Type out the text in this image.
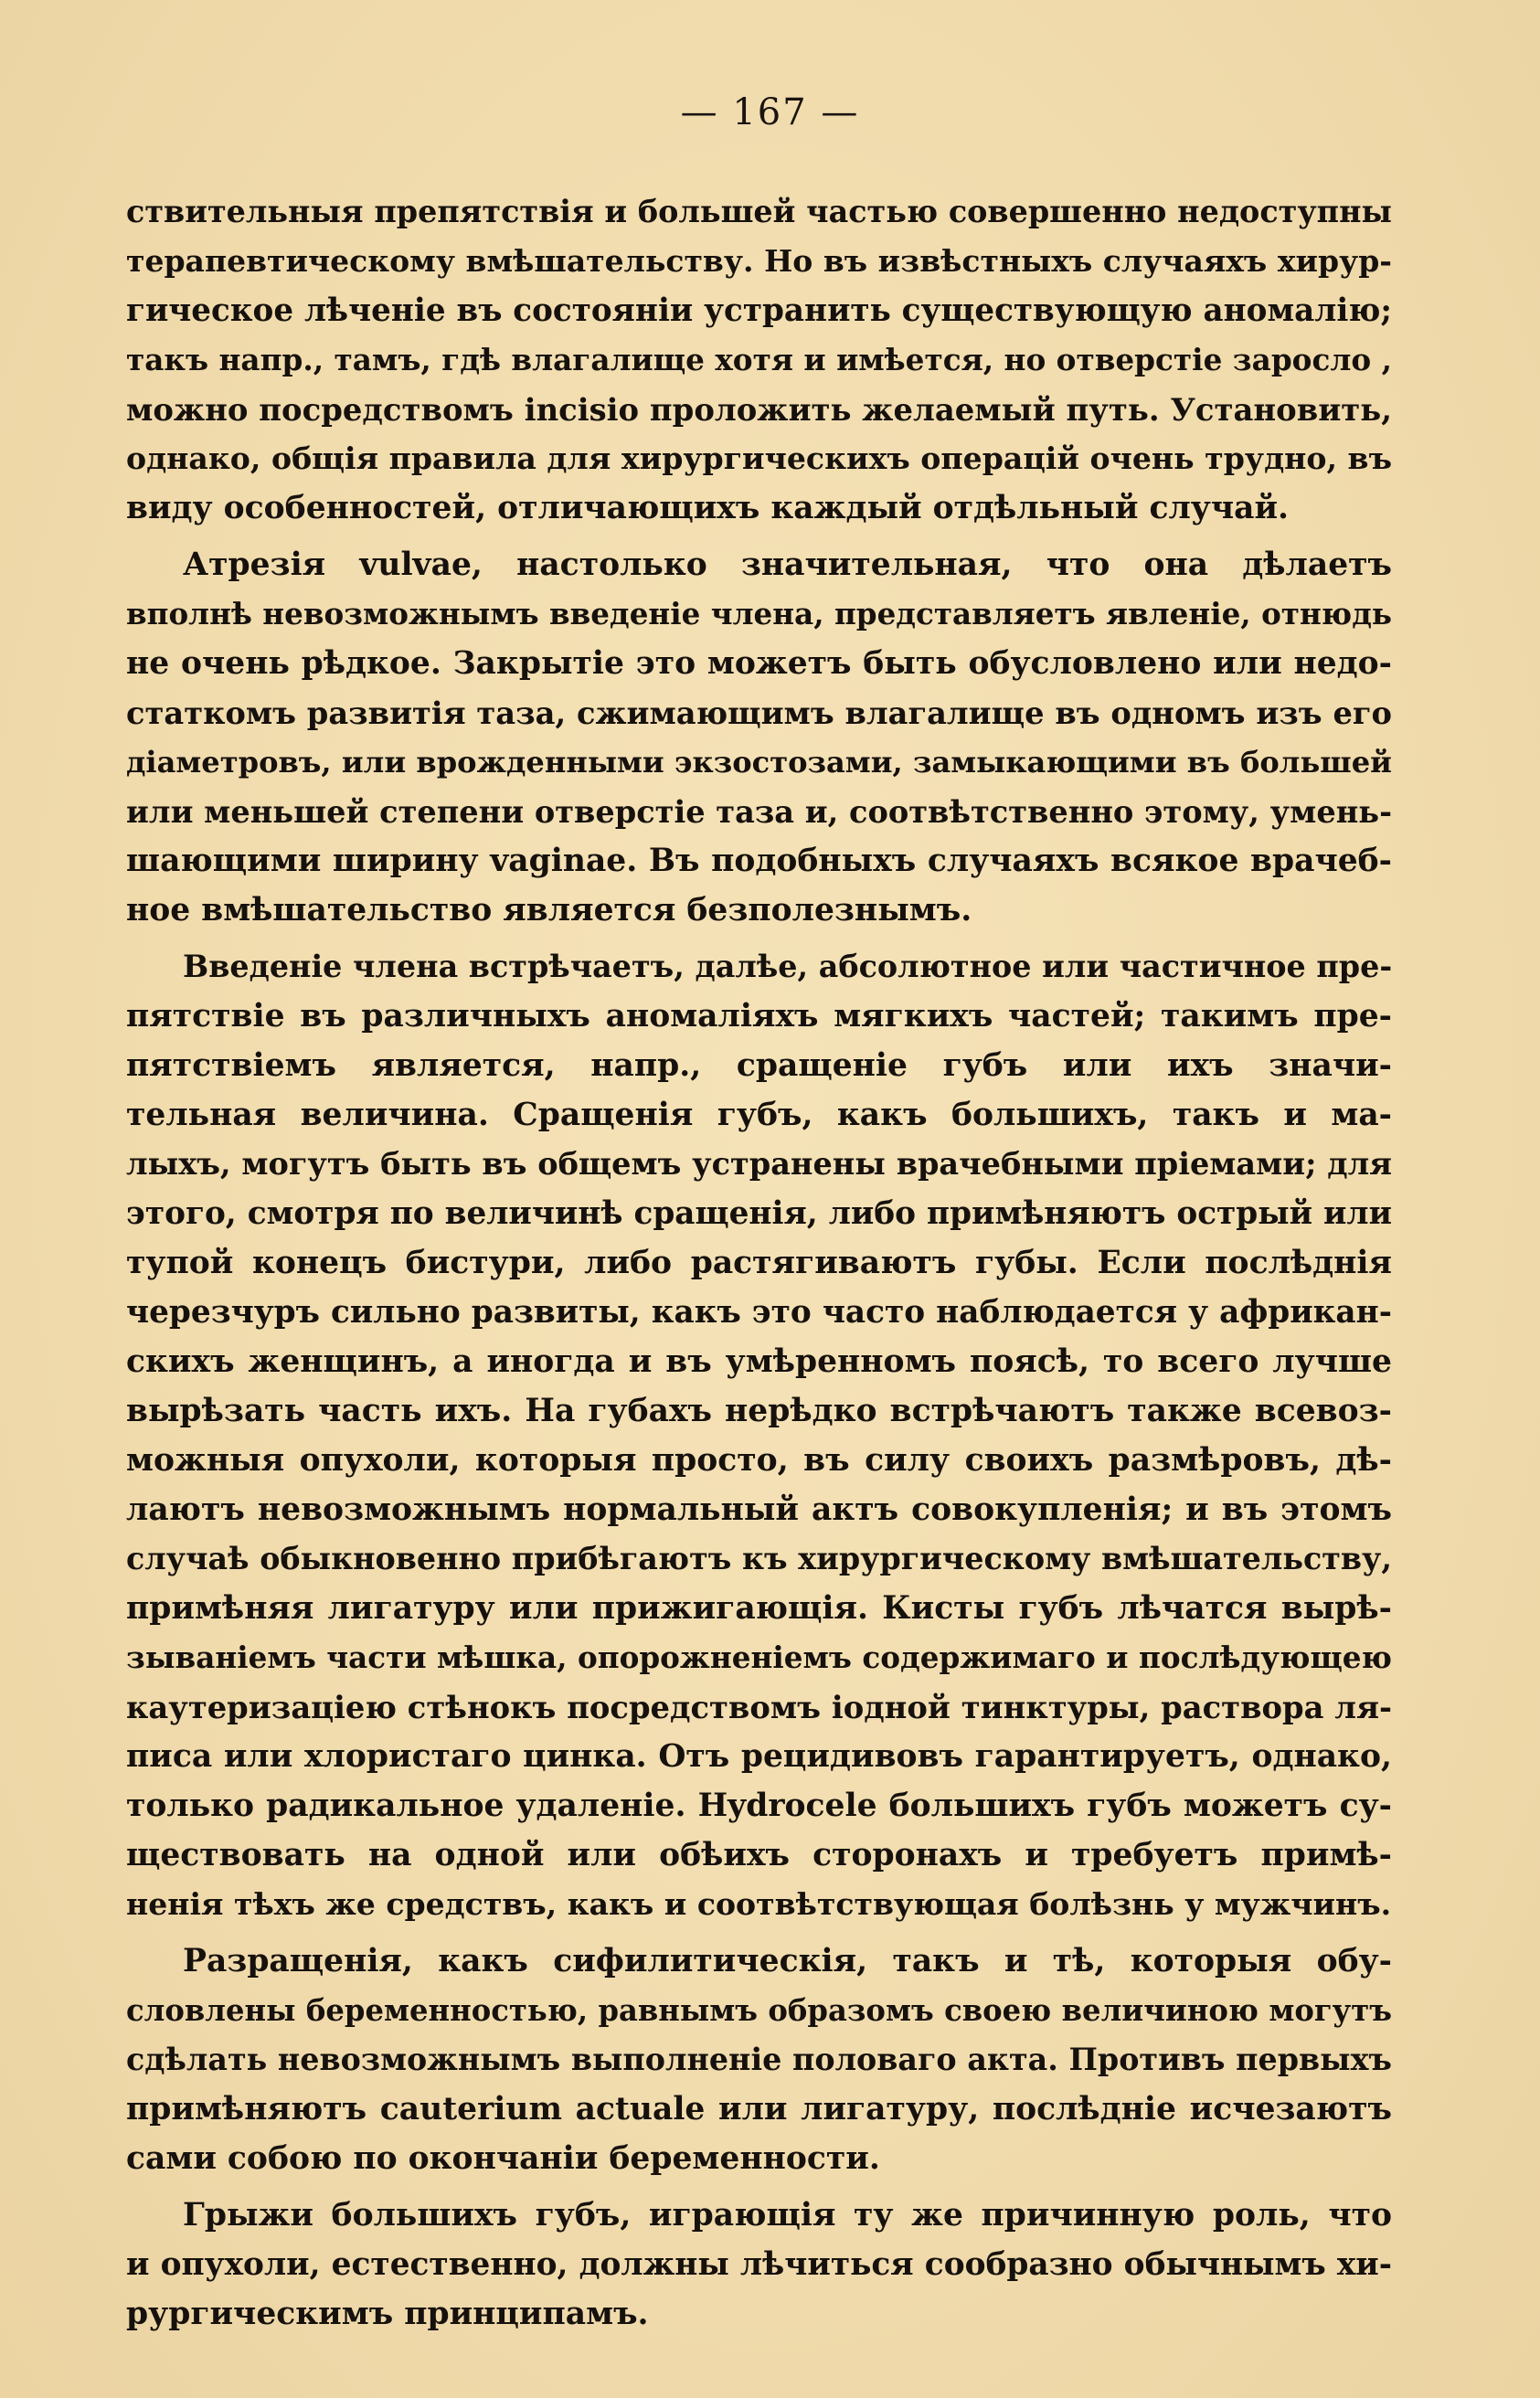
— 167 —
ствительныя препятствія и большей частью совершенно недоступны
терапевтическому вмѣшательству. Но въ извѣстныхъ случаяхъ хирур-
гическое лѣченіе въ состояніи устранить существующую аномалію;
такъ напр., тамъ, гдѣ влагалище хотя и имѣется, но отверстіе заросло ,
можно посредствомъ incisio проложить желаемый путь. Установить,
однако, общія правила для хирургическихъ операцій очень трудно, въ
виду особенностей, отличающихъ каждый отдѣльный случай.
Атрезія vulvae, настолько значительная, что она дѣлаетъ
вполнѣ невозможнымъ введеніе члена, представляетъ явленіе, отнюдь
не очень рѣдкое. Закрытіе это можетъ быть обусловлено или недо-
статкомъ развитія таза, сжимающимъ влагалище въ одномъ изъ его
діаметровъ, или врожденными экзостозами, замыкающими въ большей
или меньшей степени отверстіе таза и, соотвѣтственно этому, умень-
шающими ширину vaginae. Въ подобныхъ случаяхъ всякое врачеб-
ное вмѣшательство является безполезнымъ.
Введеніе члена встрѣчаетъ, далѣе, абсолютное или частичное пре-
пятствіе въ различныхъ аномаліяхъ мягкихъ частей; такимъ пре-
пятствіемъ является, напр., сращеніе губъ или ихъ значи-
тельная величина. Сращенія губъ, какъ большихъ, такъ и ма-
лыхъ, могутъ быть въ общемъ устранены врачебными пріемами; для
этого, смотря по величинѣ сращенія, либо примѣняютъ острый или
тупой конецъ бистури, либо растягиваютъ губы. Если послѣднія
черезчуръ сильно развиты, какъ это часто наблюдается у африкан-
скихъ женщинъ, а иногда и въ умѣренномъ поясѣ, то всего лучше
вырѣзать часть ихъ. На губахъ нерѣдко встрѣчаютъ также всевоз-
можныя опухоли, которыя просто, въ силу своихъ размѣровъ, дѣ-
лаютъ невозможнымъ нормальный актъ совокупленія; и въ этомъ
случаѣ обыкновенно прибѣгаютъ къ хирургическому вмѣшательству,
примѣняя лигатуру или прижигающія. Кисты губъ лѣчатся вырѣ-
зываніемъ части мѣшка, опорожненіемъ содержимаго и послѣдующею
каутеризаціею стѣнокъ посредствомъ іодной тинктуры, раствора ля-
писа или хлористаго цинка. Отъ рецидивовъ гарантируетъ, однако,
только радикальное удаленіе. Hydrocele большихъ губъ можетъ су-
ществовать на одной или обѣихъ сторонахъ и требуетъ примѣ-
ненія тѣхъ же средствъ, какъ и соотвѣтствующая болѣзнь у мужчинъ.
Разращенія, какъ сифилитическія, такъ и тѣ, которыя обу-
словлены беременностью, равнымъ образомъ своею величиною могутъ
сдѣлать невозможнымъ выполненіе половаго акта. Противъ первыхъ
примѣняютъ cauterium actuale или лигатуру, послѣдніе исчезаютъ
сами собою по окончаніи беременности.
Грыжи большихъ губъ, играющія ту же причинную роль, что
и опухоли, естественно, должны лѣчиться сообразно обычнымъ хи-
рургическимъ принципамъ.
